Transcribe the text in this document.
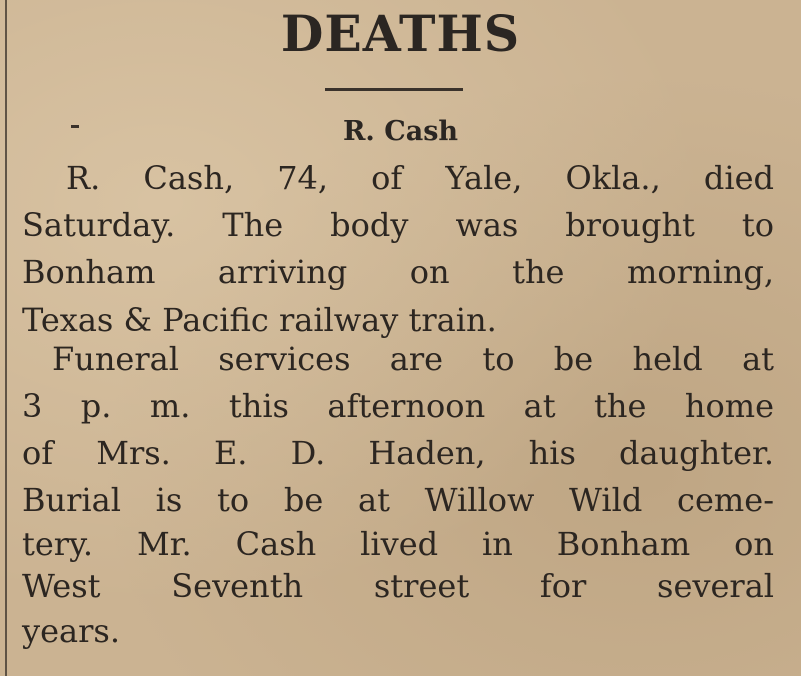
DEATHS
R. Cash
R. Cash, 74, of Yale, Okla., died
Saturday. The body was brought to
Bonham arriving on the morning,
Texas & Pacific railway train.
Funeral services are to be held at
3 p. m. this afternoon at the home
of Mrs. E. D. Haden, his daughter.
Burial is to be at Willow Wild ceme-
tery. Mr. Cash lived in Bonham on
West Seventh street for several
years.
